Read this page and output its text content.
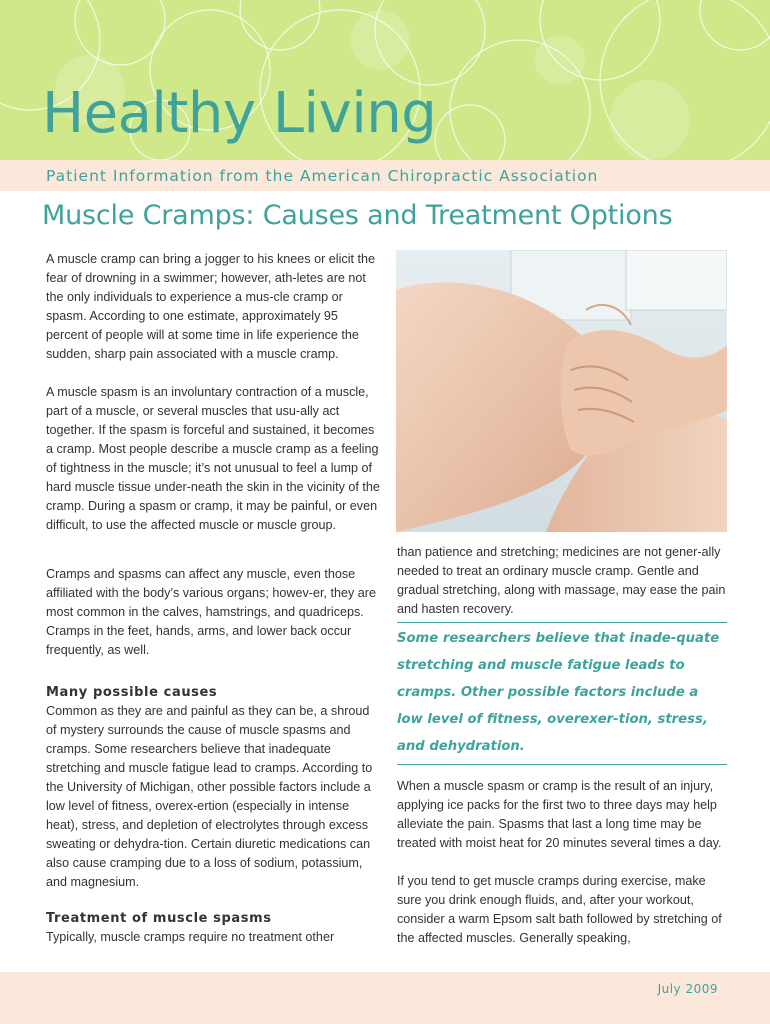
Healthy Living

Patient Information from the American Chiropractic Association

Muscle Cramps: Causes and Treatment Options

A muscle cramp can bring a jogger to his knees or elicit the fear of drowning in a swimmer; however, ath-letes are not the only individuals to experience a mus-cle cramp or spasm. According to one estimate, approximately 95 percent of people will at some time in life experience the sudden, sharp pain associated with a muscle cramp.

A muscle spasm is an involuntary contraction of a muscle, part of a muscle, or several muscles that usu-ally act together. If the spasm is forceful and sustained, it becomes a cramp. Most people describe a muscle cramp as a feeling of tightness in the muscle; it’s not unusual to feel a lump of hard muscle tissue under-neath the skin in the vicinity of the cramp. During a spasm or cramp, it may be painful, or even difficult, to use the affected muscle or muscle group.

Cramps and spasms can affect any muscle, even those affiliated with the body’s various organs; howev-er, they are most common in the calves, hamstrings, and quadriceps. Cramps in the feet, hands, arms, and lower back occur frequently, as well.

Many possible causes

Common as they are and painful as they can be, a shroud of mystery surrounds the cause of muscle spasms and cramps. Some researchers believe that inadequate stretching and muscle fatigue lead to cramps. According to the University of Michigan, other possible factors include a low level of fitness, overex-ertion (especially in intense heat), stress, and depletion of electrolytes through excess sweating or dehydra-tion. Certain diuretic medications can also cause cramping due to a loss of sodium, potassium, and magnesium.

Treatment of muscle spasms

Typically, muscle cramps require no treatment other

than patience and stretching; medicines are not gener-ally needed to treat an ordinary muscle cramp. Gentle and gradual stretching, along with massage, may ease the pain and hasten recovery.

Some researchers believe that inade-quate stretching and muscle fatigue leads to cramps. Other possible factors include a low level of fitness, overexer-tion, stress, and dehydration.

When a muscle spasm or cramp is the result of an injury, applying ice packs for the first two to three days may help alleviate the pain. Spasms that last a long time may be treated with moist heat for 20 minutes several times a day.

If you tend to get muscle cramps during exercise, make sure you drink enough fluids, and, after your workout, consider a warm Epsom salt bath followed by stretching of the affected muscles. Generally speaking,

July 2009
